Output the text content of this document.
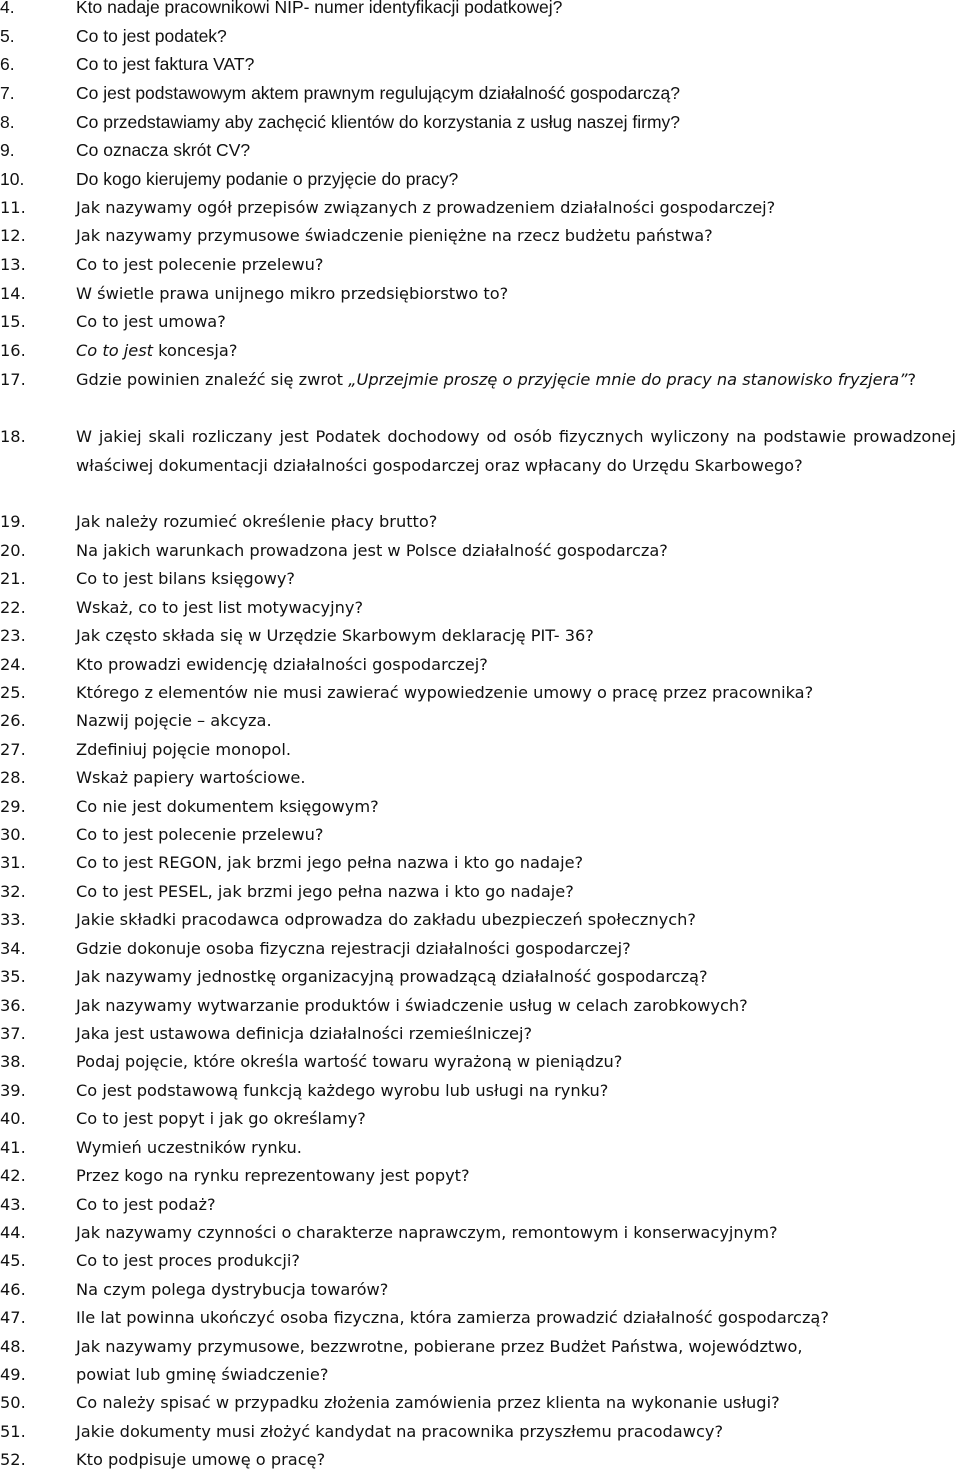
4.	Kto nadaje pracownikowi NIP- numer identyfikacji podatkowej?
5.	Co to jest podatek?
6.	Co to jest faktura VAT?
7.	Co jest podstawowym aktem prawnym regulującym działalność gospodarczą?
8.	Co przedstawiamy aby zachęcić klientów do korzystania z usług naszej firmy?
9.	Co oznacza skrót CV?
10.	Do kogo kierujemy podanie o przyjęcie do pracy?
11.	Jak nazywamy ogół przepisów związanych z prowadzeniem działalności gospodarczej?
12.	Jak nazywamy przymusowe świadczenie pieniężne na rzecz budżetu państwa?
13.	Co to jest polecenie przelewu?
14.	W świetle prawa unijnego mikro przedsiębiorstwo to?
15.	Co to jest umowa?
16.	Co to jest koncesja?
17.	Gdzie powinien znaleźć się zwrot „Uprzejmie proszę o przyjęcie mnie do pracy na stanowisko fryzjera”?
18.	W jakiej skali rozliczany jest Podatek dochodowy od osób fizycznych wyliczony na podstawie prowadzonej właściwej dokumentacji działalności gospodarczej oraz wpłacany do Urzędu Skarbowego?
19.	Jak należy rozumieć określenie płacy brutto?
20.	Na jakich warunkach prowadzona jest w Polsce działalność gospodarcza?
21.	Co to jest bilans księgowy?
22.	Wskaż, co to jest list motywacyjny?
23.	Jak często składa się w Urzędzie Skarbowym deklarację PIT- 36?
24.	Kto prowadzi ewidencję działalności gospodarczej?
25.	Którego z elementów nie musi zawierać wypowiedzenie umowy o pracę przez pracownika?
26.	Nazwij pojęcie – akcyza.
27.	Zdefiniuj pojęcie monopol.
28.	Wskaż papiery wartościowe.
29.	Co nie jest dokumentem księgowym?
30.	Co to jest polecenie przelewu?
31.	Co to jest REGON, jak brzmi jego pełna nazwa i kto go nadaje?
32.	Co to jest PESEL, jak brzmi jego pełna nazwa i kto go nadaje?
33.	Jakie składki pracodawca odprowadza do zakładu ubezpieczeń społecznych?
34.	Gdzie dokonuje osoba fizyczna rejestracji działalności gospodarczej?
35.	Jak nazywamy jednostkę organizacyjną prowadzącą działalność gospodarczą?
36.	Jak nazywamy wytwarzanie produktów i świadczenie usług w celach zarobkowych?
37.	Jaka jest ustawowa definicja działalności rzemieślniczej?
38.	Podaj pojęcie, które określa wartość towaru wyrażoną w pieniądzu?
39.	Co jest podstawową funkcją każdego wyrobu lub usługi na rynku?
40.	Co to jest popyt i jak go określamy?
41.	Wymień uczestników rynku.
42.	Przez kogo na rynku reprezentowany jest popyt?
43.	Co to jest podaż?
44.	Jak nazywamy czynności o charakterze naprawczym, remontowym i konserwacyjnym?
45.	Co to jest proces produkcji?
46.	Na czym polega dystrybucja towarów?
47.	Ile lat powinna ukończyć osoba fizyczna, która zamierza prowadzić działalność gospodarczą?
48.	Jak nazywamy przymusowe, bezzwrotne, pobierane przez Budżet Państwa, województwo,
49.	powiat lub gminę świadczenie?
50.	Co należy spisać w przypadku złożenia zamówienia przez klienta na wykonanie usługi?
51.	Jakie dokumenty musi złożyć kandydat na pracownika przyszłemu pracodawcy?
52.	Kto podpisuje umowę o pracę?
